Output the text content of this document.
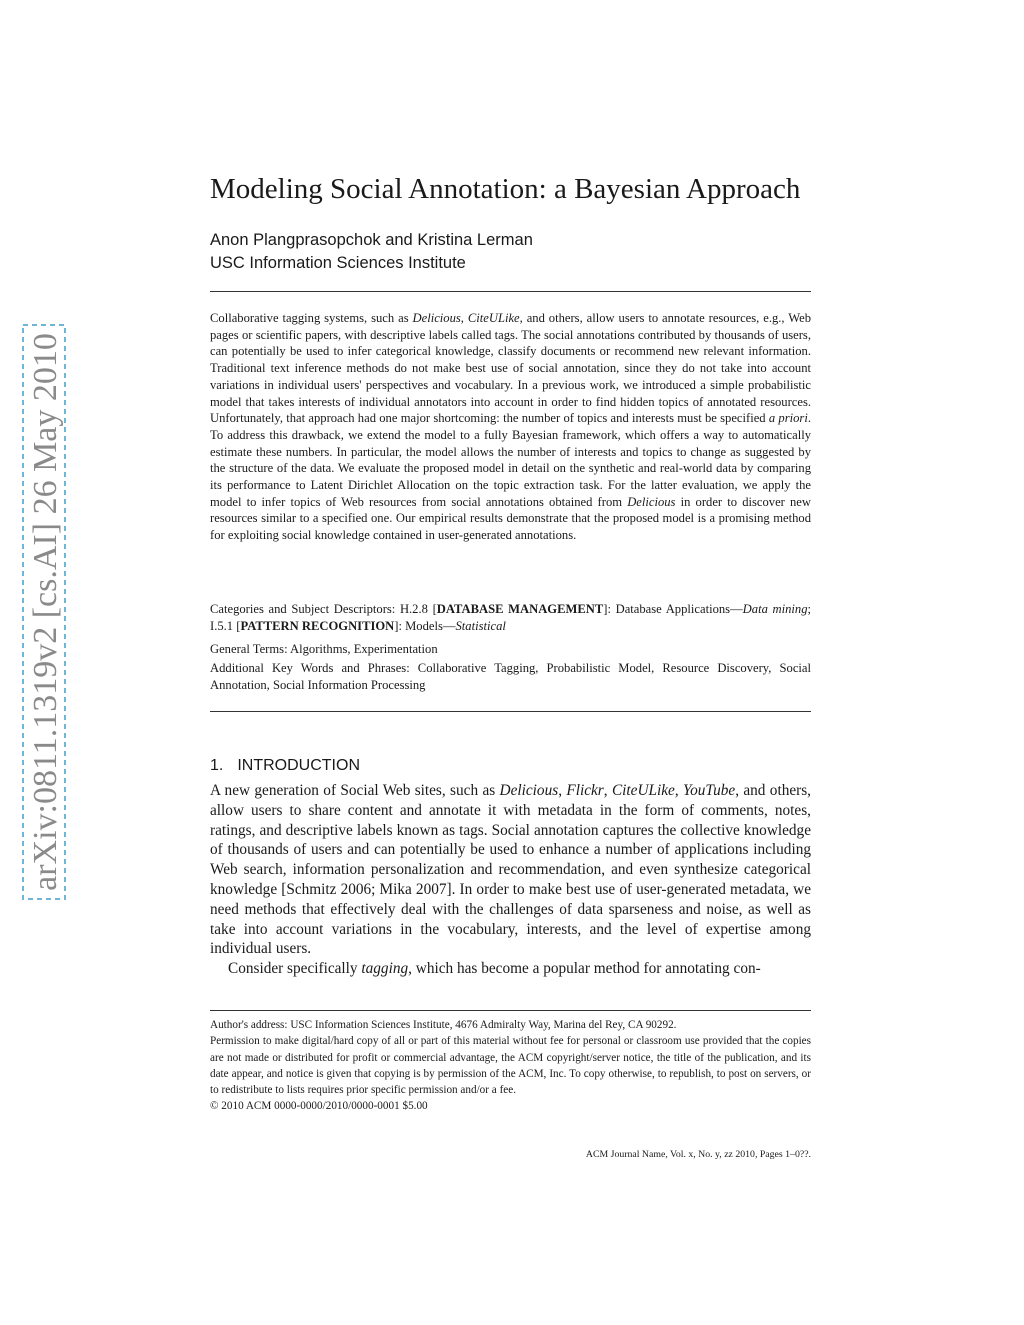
arXiv:0811.1319v2 [cs.AI] 26 May 2010
Modeling Social Annotation: a Bayesian Approach
Anon Plangprasopchok and Kristina Lerman
USC Information Sciences Institute
Collaborative tagging systems, such as Delicious, CiteULike, and others, allow users to annotate resources, e.g., Web pages or scientific papers, with descriptive labels called tags. The social annotations contributed by thousands of users, can potentially be used to infer categorical knowledge, classify documents or recommend new relevant information. Traditional text inference methods do not make best use of social annotation, since they do not take into account variations in individual users' perspectives and vocabulary. In a previous work, we introduced a simple probabilistic model that takes interests of individual annotators into account in order to find hidden topics of annotated resources. Unfortunately, that approach had one major shortcoming: the number of topics and interests must be specified a priori. To address this drawback, we extend the model to a fully Bayesian framework, which offers a way to automatically estimate these numbers. In particular, the model allows the number of interests and topics to change as suggested by the structure of the data. We evaluate the proposed model in detail on the synthetic and real-world data by comparing its performance to Latent Dirichlet Allocation on the topic extraction task. For the latter evaluation, we apply the model to infer topics of Web resources from social annotations obtained from Delicious in order to discover new resources similar to a specified one. Our empirical results demonstrate that the proposed model is a promising method for exploiting social knowledge contained in user-generated annotations.
Categories and Subject Descriptors: H.2.8 [DATABASE MANAGEMENT]: Database Applications—Data mining; I.5.1 [PATTERN RECOGNITION]: Models—Statistical
General Terms: Algorithms, Experimentation
Additional Key Words and Phrases: Collaborative Tagging, Probabilistic Model, Resource Discovery, Social Annotation, Social Information Processing
1. INTRODUCTION

A new generation of Social Web sites, such as Delicious, Flickr, CiteULike, YouTube, and others, allow users to share content and annotate it with metadata in the form of comments, notes, ratings, and descriptive labels known as tags. Social annotation captures the collective knowledge of thousands of users and can potentially be used to enhance a number of applications including Web search, information personalization and recommendation, and even synthesize categorical knowledge [Schmitz 2006; Mika 2007]. In order to make best use of user-generated metadata, we need methods that effectively deal with the challenges of data sparseness and noise, as well as take into account variations in the vocabulary, interests, and the level of expertise among individual users.

Consider specifically tagging, which has become a popular method for annotating con-

Author's address: USC Information Sciences Institute, 4676 Admiralty Way, Marina del Rey, CA 90292.

Permission to make digital/hard copy of all or part of this material without fee for personal or classroom use provided that the copies are not made or distributed for profit or commercial advantage, the ACM copyright/server notice, the title of the publication, and its date appear, and notice is given that copying is by permission of the ACM, Inc. To copy otherwise, to republish, to post on servers, or to redistribute to lists requires prior specific permission and/or a fee.

© 2010 ACM 0000-0000/2010/0000-0001 $5.00

ACM Journal Name, Vol. x, No. y, zz 2010, Pages 1–0??.
